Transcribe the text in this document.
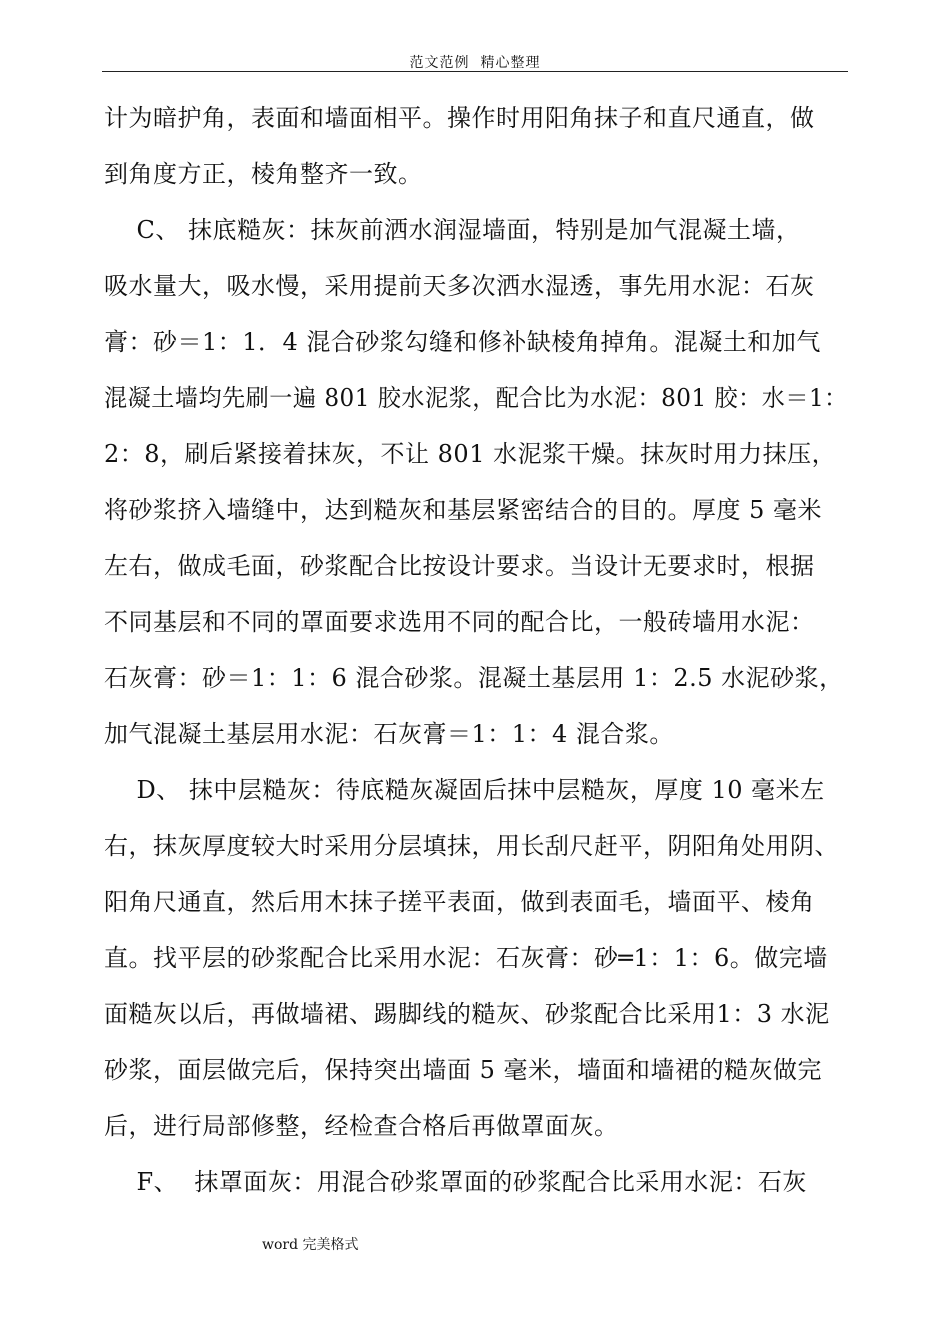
范文范例  精心整理
计为暗护角，表面和墙面相平。操作时用阳角抹子和直尺通直，做
到角度方正，棱角整齐一致。
C、 抹底糙灰：抹灰前洒水润湿墙面，特别是加气混凝土墙，
吸水量大，吸水慢，采用提前天多次洒水湿透，事先用水泥：石灰
膏：砂＝1：1．4 混合砂浆勾缝和修补缺棱角掉角。混凝土和加气
混凝土墙均先刷一遍 801 胶水泥浆，配合比为水泥：801 胶：水＝1：
2：8，刷后紧接着抹灰，不让 801 水泥浆干燥。抹灰时用力抹压，
将砂浆挤入墙缝中，达到糙灰和基层紧密结合的目的。厚度 5 毫米
左右，做成毛面，砂浆配合比按设计要求。当设计无要求时，根据
不同基层和不同的罩面要求选用不同的配合比，一般砖墙用水泥：
石灰膏：砂＝1：1：6 混合砂浆。混凝土基层用 1：2.5 水泥砂浆，
加气混凝土基层用水泥：石灰膏＝1：1：4 混合浆。
D、 抹中层糙灰：待底糙灰凝固后抹中层糙灰，厚度 10 毫米左
右，抹灰厚度较大时采用分层填抹，用长刮尺赶平，阴阳角处用阴、
阳角尺通直，然后用木抹子搓平表面，做到表面毛，墙面平、棱角
直。找平层的砂浆配合比采用水泥：石灰膏：砂═1：1：6。做完墙
面糙灰以后，再做墙裙、踢脚线的糙灰、砂浆配合比采用1：3 水泥
砂浆，面层做完后，保持突出墙面 5 毫米，墙面和墙裙的糙灰做完
后，进行局部修整，经检查合格后再做罩面灰。
F、  抹罩面灰：用混合砂浆罩面的砂浆配合比采用水泥：石灰
word 完美格式
